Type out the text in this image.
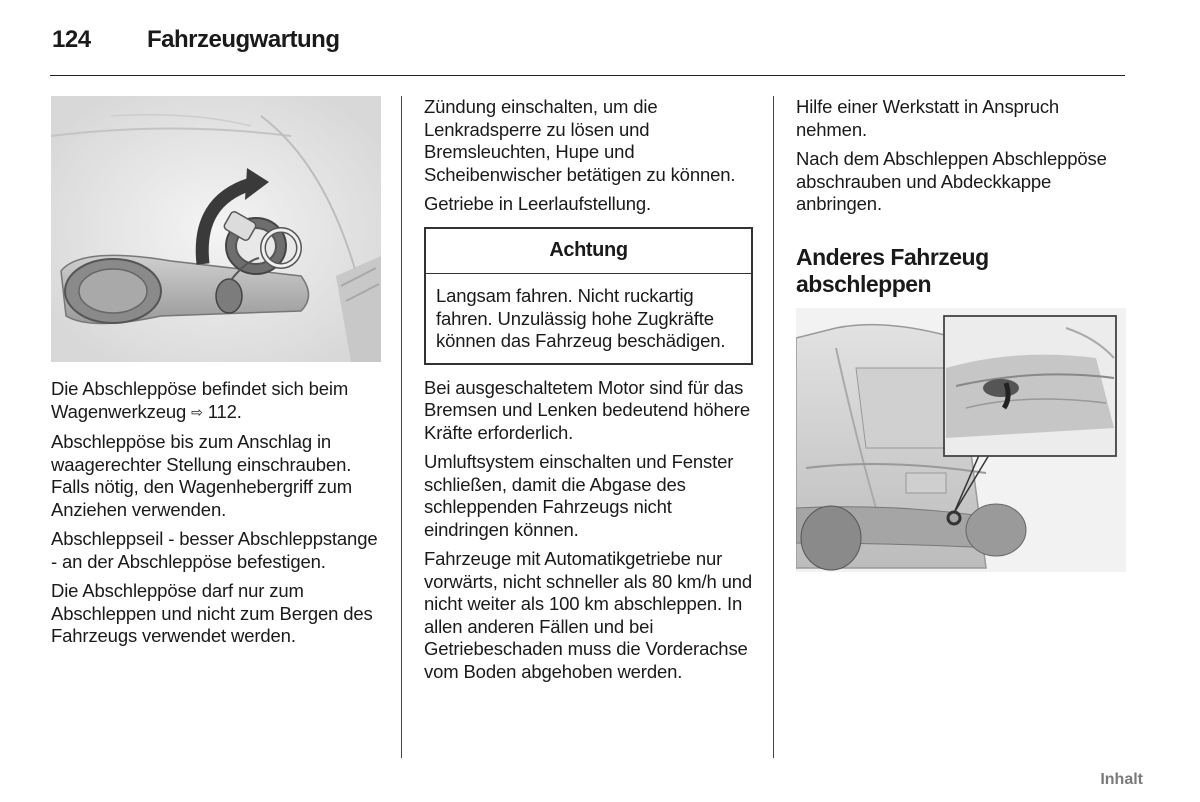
124 Fahrzeugwartung

Die Abschleppöse befindet sich beim Wagenwerkzeug ⇨ 112.

Abschleppöse bis zum Anschlag in waagerechter Stellung einschrauben. Falls nötig, den Wagenhebergriff zum Anziehen verwenden.

Abschleppseil - besser Abschleppstange - an der Abschleppöse befestigen.

Die Abschleppöse darf nur zum Abschleppen und nicht zum Bergen des Fahrzeugs verwendet werden.

Zündung einschalten, um die Lenkradsperre zu lösen und Bremsleuchten, Hupe und Scheibenwischer betätigen zu können.

Getriebe in Leerlaufstellung.

Achtung
Langsam fahren. Nicht ruckartig fahren. Unzulässig hohe Zugkräfte können das Fahrzeug beschädigen.

Bei ausgeschaltetem Motor sind für das Bremsen und Lenken bedeutend höhere Kräfte erforderlich.

Umluftsystem einschalten und Fenster schließen, damit die Abgase des schleppenden Fahrzeugs nicht eindringen können.

Fahrzeuge mit Automatikgetriebe nur vorwärts, nicht schneller als 80 km/h und nicht weiter als 100 km abschleppen. In allen anderen Fällen und bei Getriebeschaden muss die Vorderachse vom Boden abgehoben werden.

Hilfe einer Werkstatt in Anspruch nehmen.

Nach dem Abschleppen Abschleppöse abschrauben und Abdeckkappe anbringen.

Anderes Fahrzeug abschleppen
Inhalt
